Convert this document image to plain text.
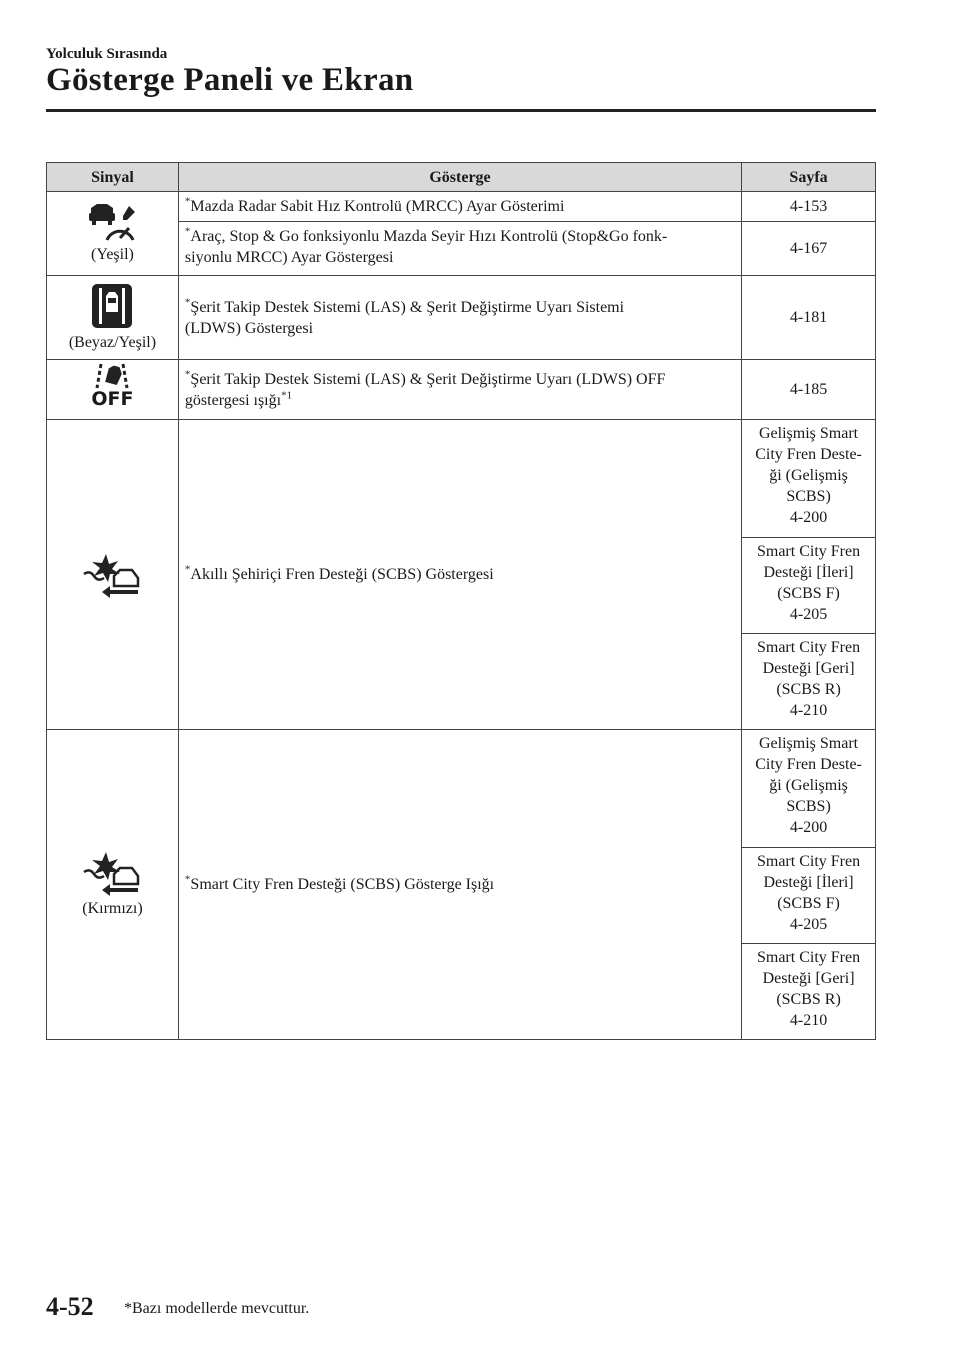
Yolculuk Sırasında
Gösterge Paneli ve Ekran
Sinyal	Gösterge	Sayfa

(Yeşil)	*Mazda Radar Sabit Hız Kontrolü (MRCC) Ayar Gösterimi	4-153
	*Araç, Stop & Go fonksiyonlu Mazda Seyir Hızı Kontrolü (Stop&Go fonk-
siyonlu MRCC) Ayar Göstergesi	4-167

(Beyaz/Yeşil)	*Şerit Takip Destek Sistemi (LAS) & Şerit Değiştirme Uyarı Sistemi
(LDWS) Göstergesi	4-181

OFF	*Şerit Takip Destek Sistemi (LAS) & Şerit Değiştirme Uyarı (LDWS) OFF
göstergesi ışığı$^{*1}$	4-185

	*Akıllı Şehiriçi Fren Desteği (SCBS) Göstergesi	Gelişmiş Smart
City Fren Deste-
ği (Gelişmiş
SCBS)
4-200

		Smart City Fren
Desteği [İleri]
(SCBS F)
4-205

		Smart City Fren
Desteği [Geri]
(SCBS R)
4-210

(Kırmızı)	*Smart City Fren Desteği (SCBS) Gösterge Işığı	Gelişmiş Smart
City Fren Deste-
ği (Gelişmiş
SCBS)
4-200

		Smart City Fren
Desteği [İleri]
(SCBS F)
4-205

		Smart City Fren
Desteği [Geri]
(SCBS R)
4-210
4-52 *Bazı modellerde mevcuttur.
